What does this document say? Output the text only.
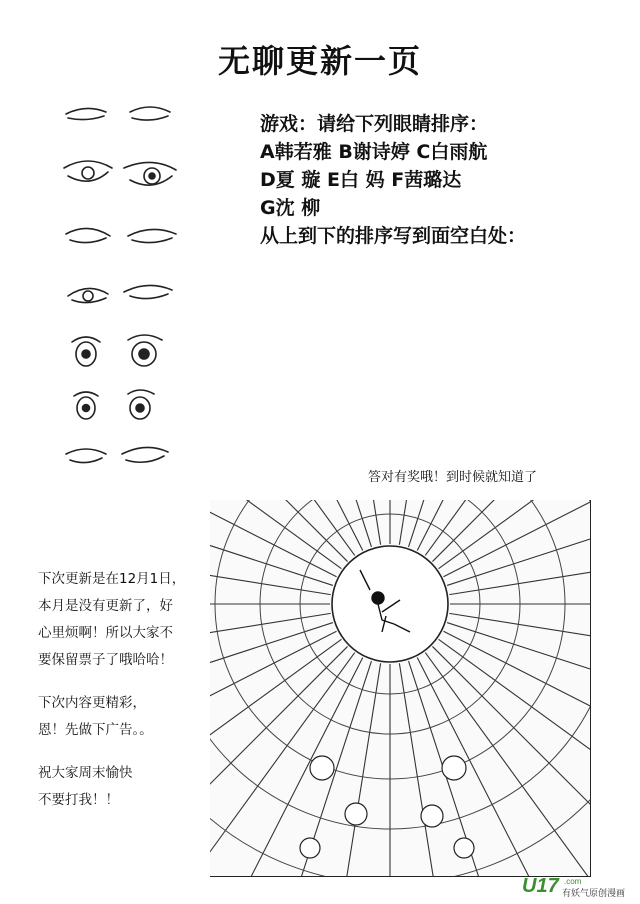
无聊更新一页
游戏：请给下列眼睛排序：
A韩若雅 B谢诗婷 C白雨航
D夏 璇 E白 妈 F茜璐达
G沈 柳
从上到下的排序写到面空白处：
答对有奖哦！到时候就知道了

下次更新是在12月1日，

本月是没有更新了，好

心里烦啊！所以大家不

要保留票子了哦哈哈！

下次内容更精彩，

恩！先做下广告。。

祝大家周末愉快

不要打我！！

U17 .com
有妖气原创漫画
